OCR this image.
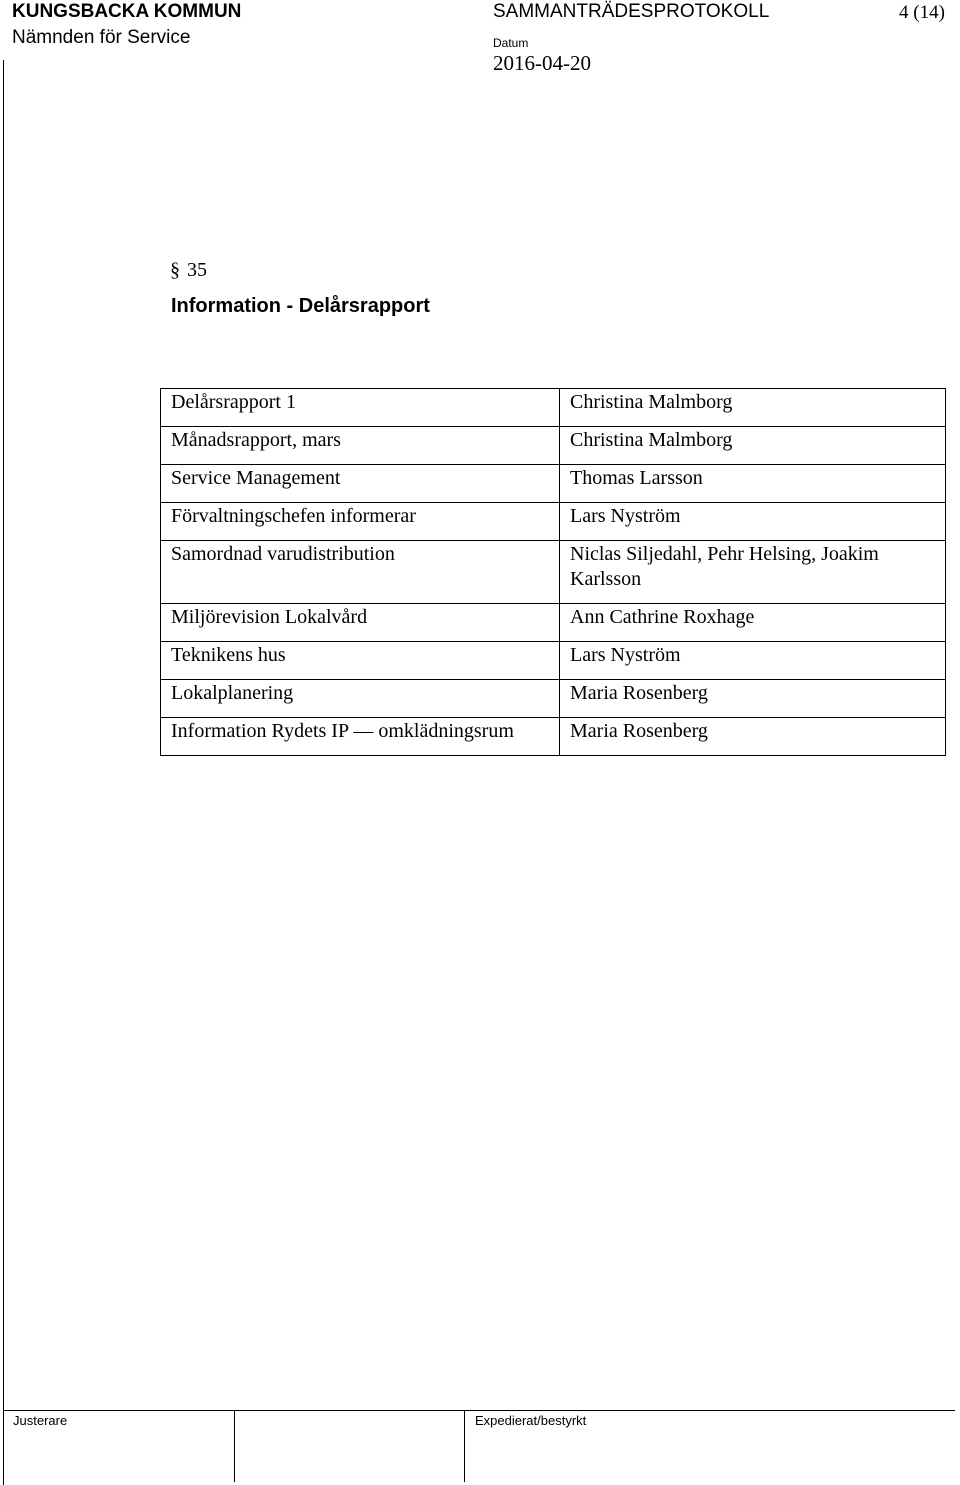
KUNGSBACKA KOMMUN
Nämnden för Service
SAMMANTRÄDESPROTOKOLL	4 (14)
Datum
2016-04-20
§ 35
Information - Delårsrapport
Delårsrapport 1	Christina Malmborg
Månadsrapport, mars	Christina Malmborg
Service Management	Thomas Larsson
Förvaltningschefen informerar	Lars Nyström
Samordnad varudistribution	Niclas Siljedahl, Pehr Helsing, Joakim Karlsson
Miljörevision Lokalvård	Ann Cathrine Roxhage
Teknikens hus	Lars Nyström
Lokalplanering	Maria Rosenberg
Information Rydets IP — omklädningsrum	Maria Rosenberg
Justerare	Expedierat/bestyrkt
